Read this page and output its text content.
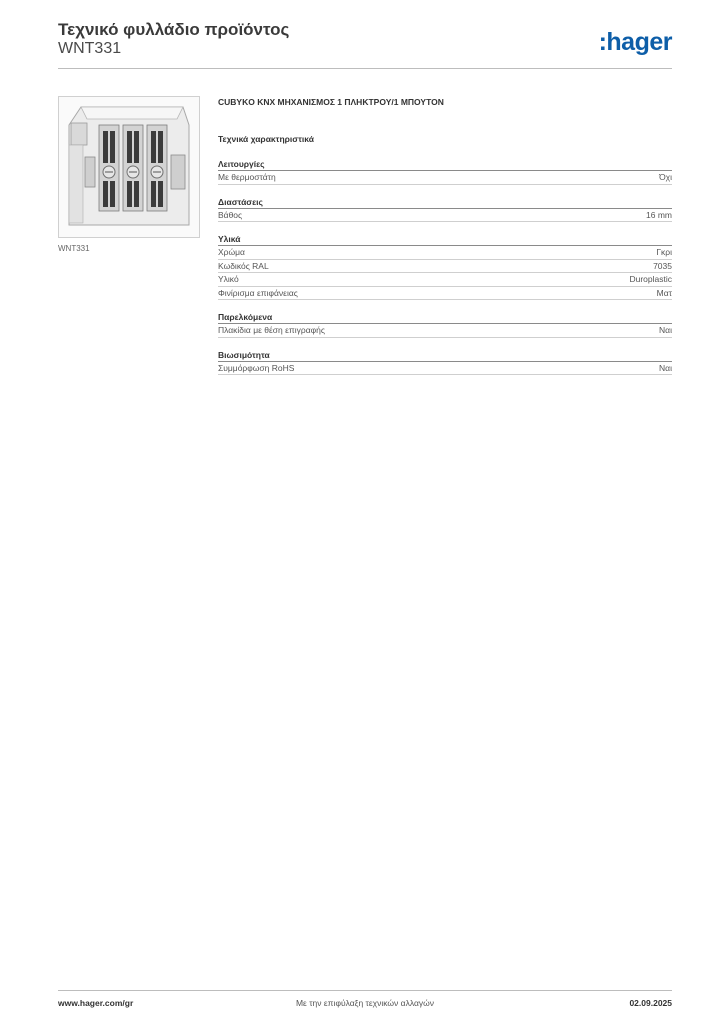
Τεχνικό φυλλάδιο προϊόντος

WNT331	:hager
WNT331
CUBYKO KNX ΜΗΧΑΝΙΣΜΟΣ 1 ΠΛΗΚΤΡΟΥ/1 ΜΠΟΥΤΟΝ
Τεχνικά χαρακτηριστικά
Λειτουργίες
Με θερμοστάτη	Όχι
Διαστάσεις
Βάθος	16 mm
Υλικά
Χρώμα	Γκρι
Κωδικός RAL	7035
Υλικό	Duroplastic
Φινίρισμα επιφάνειας	Ματ
Παρελκόμενα
Πλακίδια με θέση επιγραφής	Ναι
Βιωσιμότητα
Συμμόρφωση RoHS	Ναι
www.hager.com/gr	Με την επιφύλαξη τεχνικών αλλαγών	02.09.2025
